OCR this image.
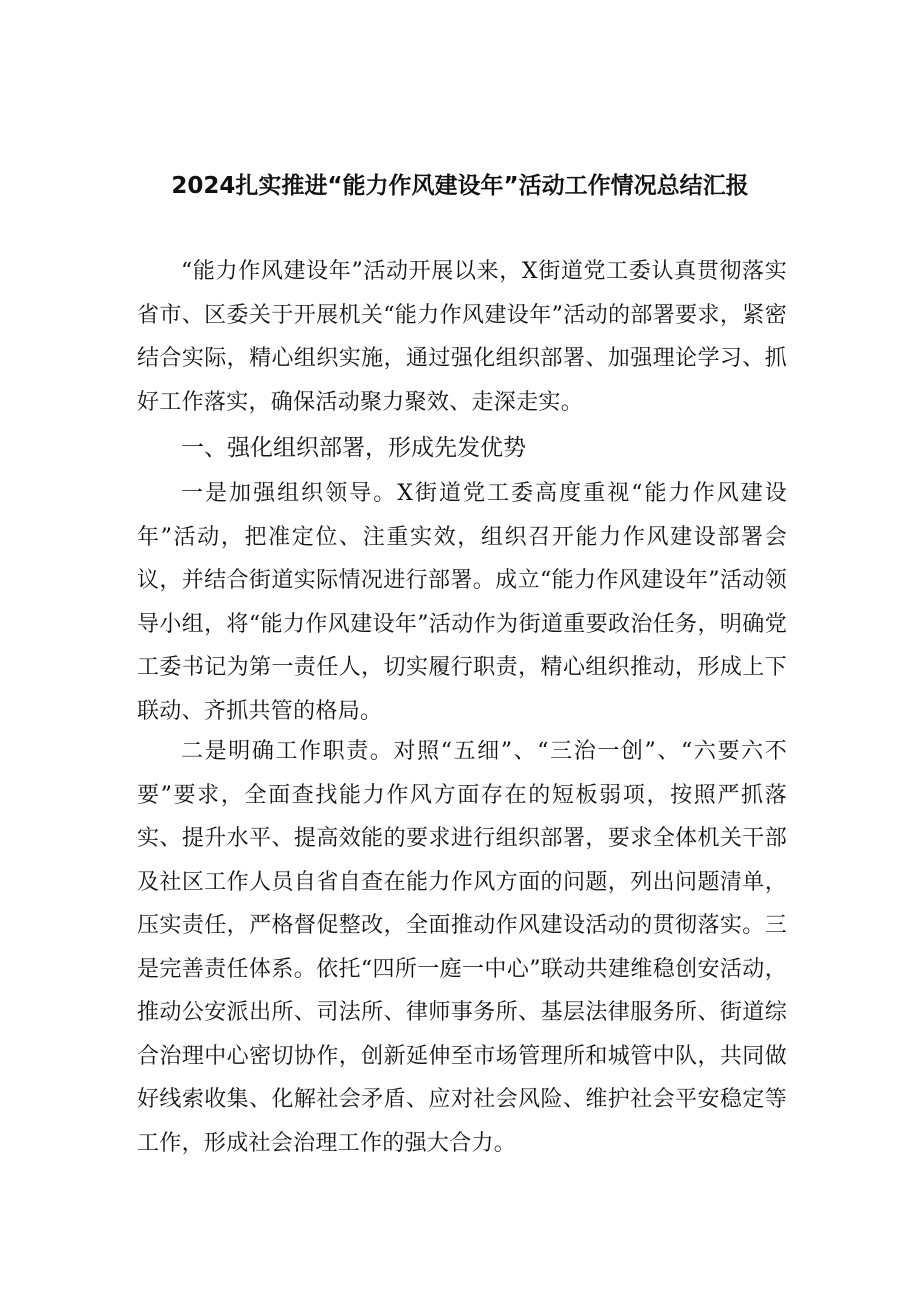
2024扎实推进“能力作风建设年”活动工作情况总结汇报

“能力作风建设年”活动开展以来，X街道党工委认真贯彻落实省市、区委关于开展机关“能力作风建设年”活动的部署要求，紧密结合实际，精心组织实施，通过强化组织部署、加强理论学习、抓好工作落实，确保活动聚力聚效、走深走实。

一、强化组织部署，形成先发优势

一是加强组织领导。X街道党工委高度重视“能力作风建设年”活动，把准定位、注重实效，组织召开能力作风建设部署会议，并结合街道实际情况进行部署。成立“能力作风建设年”活动领导小组，将“能力作风建设年”活动作为街道重要政治任务，明确党工委书记为第一责任人，切实履行职责，精心组织推动，形成上下联动、齐抓共管的格局。

二是明确工作职责。对照“五细”、“三治一创”、“六要六不要”要求，全面查找能力作风方面存在的短板弱项，按照严抓落实、提升水平、提高效能的要求进行组织部署，要求全体机关干部及社区工作人员自省自查在能力作风方面的问题，列出问题清单，压实责任，严格督促整改，全面推动作风建设活动的贯彻落实。三是完善责任体系。依托“四所一庭一中心”联动共建维稳创安活动，推动公安派出所、司法所、律师事务所、基层法律服务所、街道综合治理中心密切协作，创新延伸至市场管理所和城管中队，共同做好线索收集、化解社会矛盾、应对社会风险、维护社会平安稳定等工作，形成社会治理工作的强大合力。
